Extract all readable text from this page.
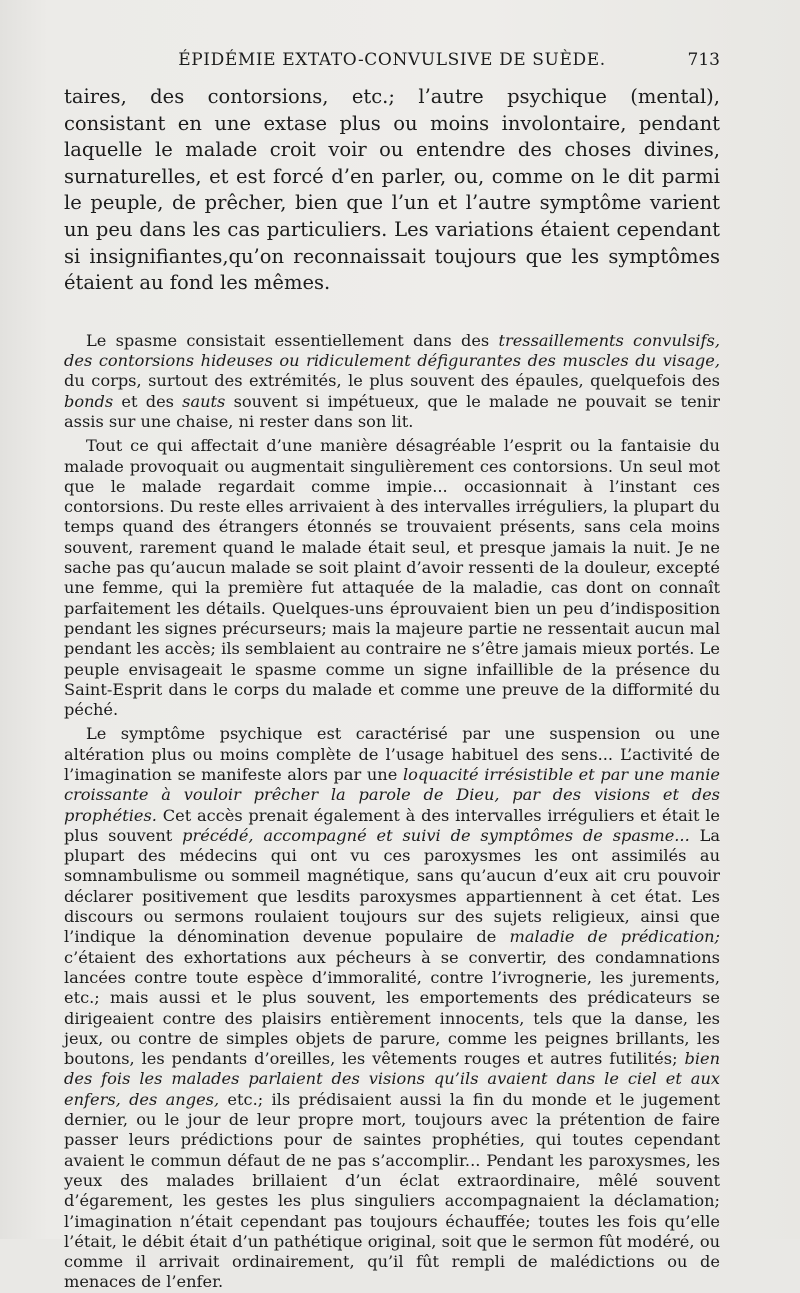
ÉPIDÉMIE EXTATO-CONVULSIVE DE SUÈDE.	713

taires, des contorsions, etc.; l’autre psychique (mental), consistant en une extase plus ou moins involontaire, pendant laquelle le malade croit voir ou entendre des choses divines, surnaturelles, et est forcé d’en parler, ou, comme on le dit parmi le peuple, de prêcher, bien que l’un et l’autre symptôme varient un peu dans les cas particuliers. Les variations étaient cependant si insignifiantes,qu’on reconnaissait toujours que les symptômes étaient au fond les mêmes.

Le spasme consistait essentiellement dans des tressaillements convulsifs, des contorsions hideuses ou ridiculement défigurantes des muscles du visage, du corps, surtout des extrémités, le plus souvent des épaules, quelquefois des bonds et des sauts souvent si impétueux, que le malade ne pouvait se tenir assis sur une chaise, ni rester dans son lit.

Tout ce qui affectait d’une manière désagréable l’esprit ou la fantaisie du malade provoquait ou augmentait singulièrement ces contorsions. Un seul mot que le malade regardait comme impie... occasionnait à l’instant ces contorsions. Du reste elles arrivaient à des intervalles irréguliers, la plupart du temps quand des étrangers étonnés se trouvaient présents, sans cela moins souvent, rarement quand le malade était seul, et presque jamais la nuit. Je ne sache pas qu’aucun malade se soit plaint d’avoir ressenti de la douleur, excepté une femme, qui la première fut attaquée de la maladie, cas dont on connaît parfaitement les détails. Quelques-uns éprouvaient bien un peu d’indisposition pendant les signes précurseurs; mais la majeure partie ne ressentait aucun mal pendant les accès; ils semblaient au contraire ne s’être jamais mieux portés. Le peuple envisageait le spasme comme un signe infaillible de la présence du Saint-Esprit dans le corps du malade et comme une preuve de la difformité du péché.

Le symptôme psychique est caractérisé par une suspension ou une altération plus ou moins complète de l’usage habituel des sens... L’activité de l’imagination se manifeste alors par une loquacité irrésistible et par une manie croissante à vouloir prêcher la parole de Dieu, par des visions et des prophéties. Cet accès prenait également à des intervalles irréguliers et était le plus souvent précédé, accompagné et suivi de symptômes de spasme... La plupart des médecins qui ont vu ces paroxysmes les ont assimilés au somnambulisme ou sommeil magnétique, sans qu’aucun d’eux ait cru pouvoir déclarer positivement que lesdits paroxysmes appartiennent à cet état. Les discours ou sermons roulaient toujours sur des sujets religieux, ainsi que l’indique la dénomination devenue populaire de maladie de prédication; c’étaient des exhortations aux pécheurs à se convertir, des condamnations lancées contre toute espèce d’immoralité, contre l’ivrognerie, les jurements, etc.; mais aussi et le plus souvent, les emportements des prédicateurs se dirigeaient contre des plaisirs entièrement innocents, tels que la danse, les jeux, ou contre de simples objets de parure, comme les peignes brillants, les boutons, les pendants d’oreilles, les vêtements rouges et autres futilités; bien des fois les malades parlaient des visions qu’ils avaient dans le ciel et aux enfers, des anges, etc.; ils prédisaient aussi la fin du monde et le jugement dernier, ou le jour de leur propre mort, toujours avec la prétention de faire passer leurs prédictions pour de saintes prophéties, qui toutes cependant avaient le commun défaut de ne pas s’accomplir... Pendant les paroxysmes, les yeux des malades brillaient d’un éclat extraordinaire, mêlé souvent d’égarement, les gestes les plus singuliers accompagnaient la déclamation; l’imagination n’était cependant pas toujours échauffée; toutes les fois qu’elle l’était, le débit était d’un pathétique original, soit que le sermon fût modéré, ou comme il arrivait ordinairement, qu’il fût rempli de malédictions ou de menaces de l’enfer.
